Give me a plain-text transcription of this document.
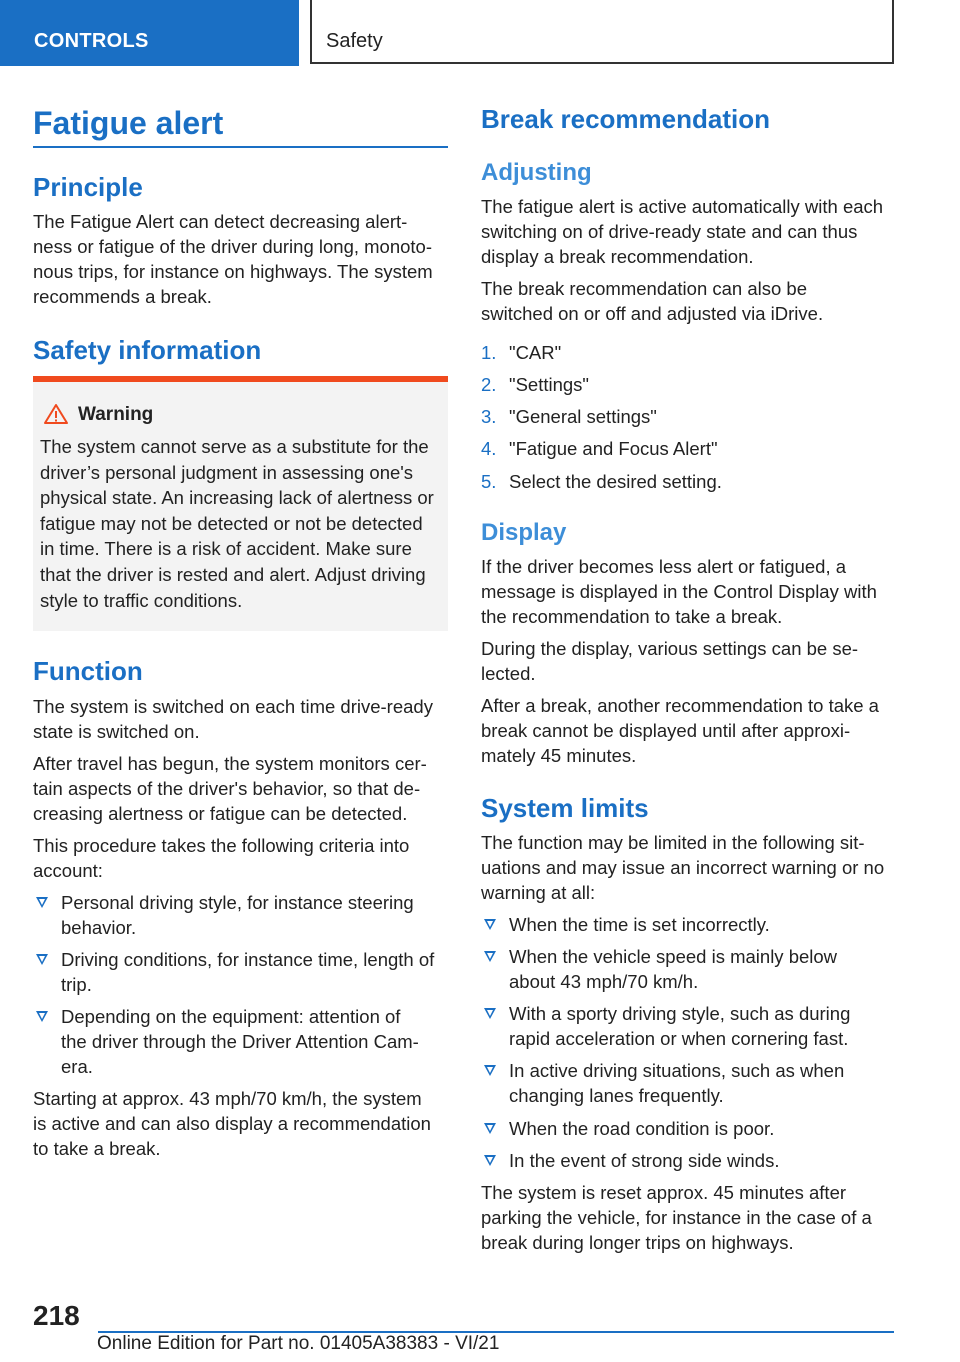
CONTROLS	Safety
Fatigue alert
Principle
The Fatigue Alert can detect decreasing alert-
ness or fatigue of the driver during long, monoto-
nous trips, for instance on highways. The system
recommends a break.
Safety information
Warning
The system cannot serve as a substitute for the
driver’s personal judgment in assessing one's
physical state. An increasing lack of alertness or
fatigue may not be detected or not be detected
in time. There is a risk of accident. Make sure
that the driver is rested and alert. Adjust driving
style to traffic conditions.
Function
The system is switched on each time drive-ready
state is switched on.
After travel has begun, the system monitors cer-
tain aspects of the driver's behavior, so that de-
creasing alertness or fatigue can be detected.
This procedure takes the following criteria into
account:
Personal driving style, for instance steering
behavior.
Driving conditions, for instance time, length of
trip.
Depending on the equipment: attention of
the driver through the Driver Attention Cam-
era.
Starting at approx. 43 mph/70 km/h, the system
is active and can also display a recommendation
to take a break.
Break recommendation
Adjusting
The fatigue alert is active automatically with each
switching on of drive-ready state and can thus
display a break recommendation.
The break recommendation can also be
switched on or off and adjusted via iDrive.
1. "CAR"
2. "Settings"
3. "General settings"
4. "Fatigue and Focus Alert"
5. Select the desired setting.
Display
If the driver becomes less alert or fatigued, a
message is displayed in the Control Display with
the recommendation to take a break.
During the display, various settings can be se-
lected.
After a break, another recommendation to take a
break cannot be displayed until after approxi-
mately 45 minutes.
System limits
The function may be limited in the following sit-
uations and may issue an incorrect warning or no
warning at all:
When the time is set incorrectly.
When the vehicle speed is mainly below
about 43 mph/70 km/h.
With a sporty driving style, such as during
rapid acceleration or when cornering fast.
In active driving situations, such as when
changing lanes frequently.
When the road condition is poor.
In the event of strong side winds.
The system is reset approx. 45 minutes after
parking the vehicle, for instance in the case of a
break during longer trips on highways.
218
Online Edition for Part no. 01405A38383 - VI/21
